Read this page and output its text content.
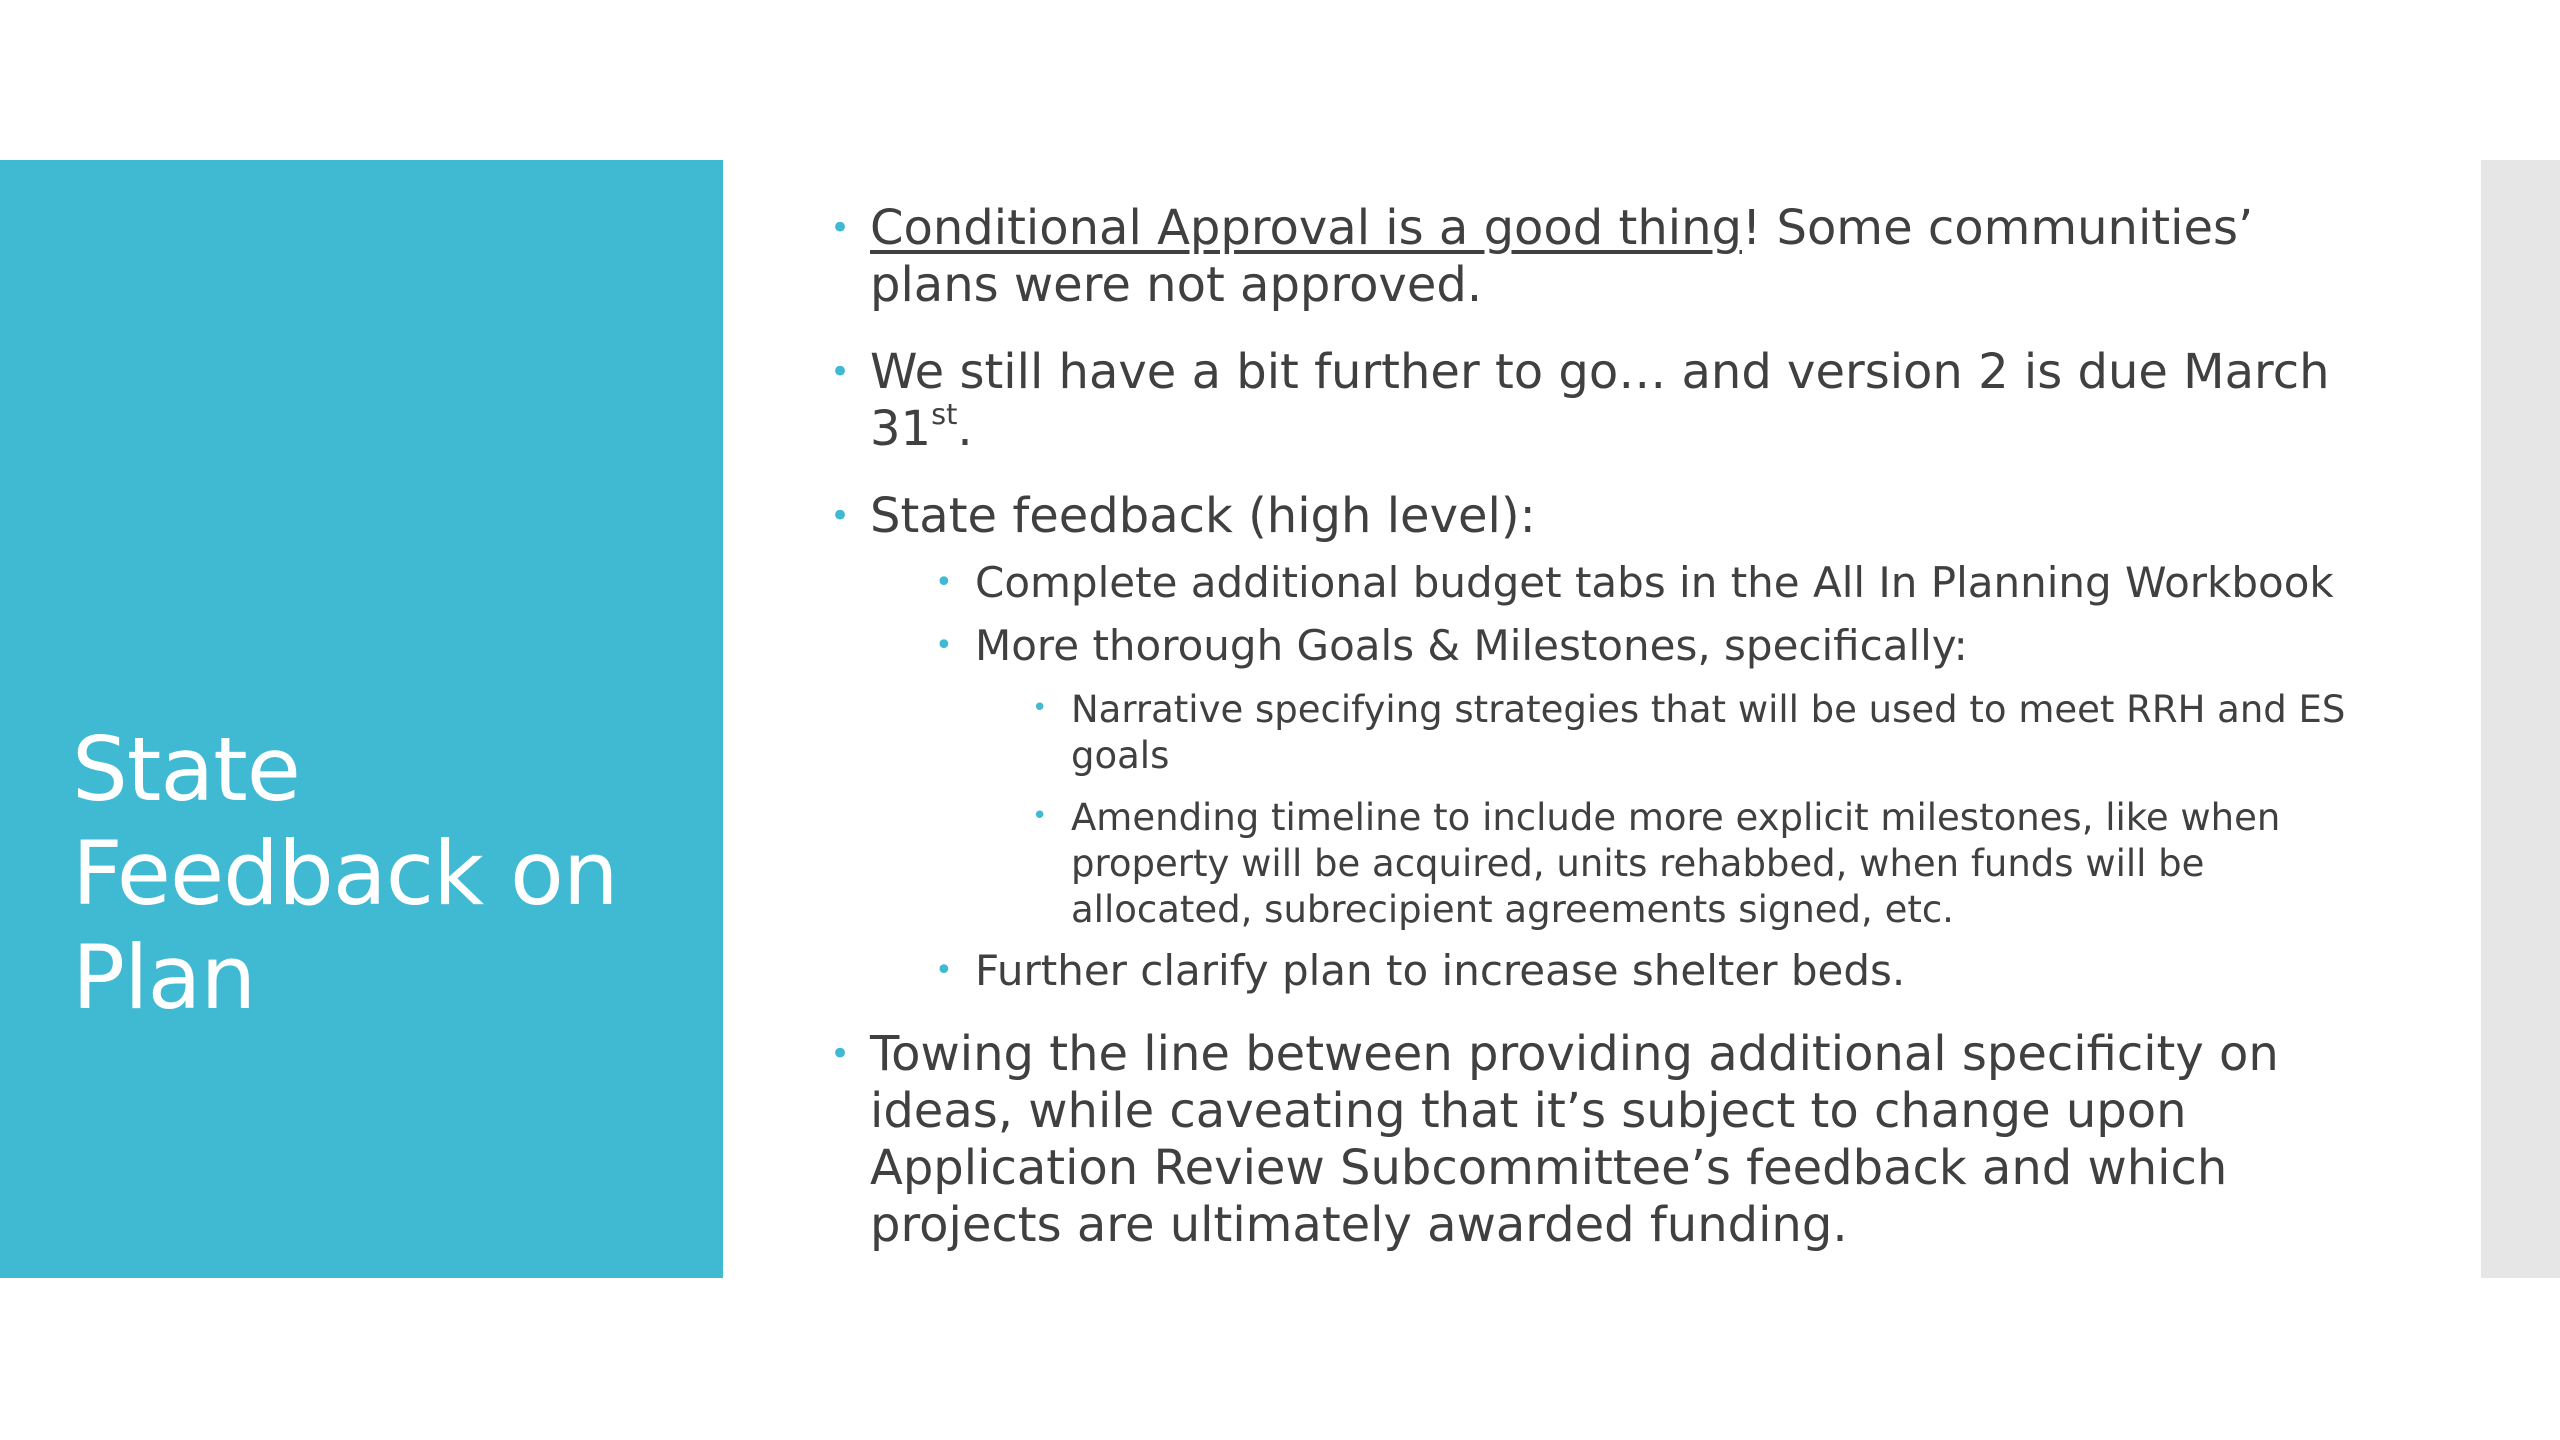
State
Feedback on
Plan
• Conditional Approval is a good thing! Some communities’ plans were not approved.
• We still have a bit further to go… and version 2 is due March 31st.
• State feedback (high level):
• Complete additional budget tabs in the All In Planning Workbook
• More thorough Goals & Milestones, specifically:
• Narrative specifying strategies that will be used to meet RRH and ES goals
• Amending timeline to include more explicit milestones, like when property will be acquired, units rehabbed, when funds will be allocated, subrecipient agreements signed, etc.
• Further clarify plan to increase shelter beds.
• Towing the line between providing additional specificity on ideas, while caveating that it’s subject to change upon Application Review Subcommittee’s feedback and which projects are ultimately awarded funding.
